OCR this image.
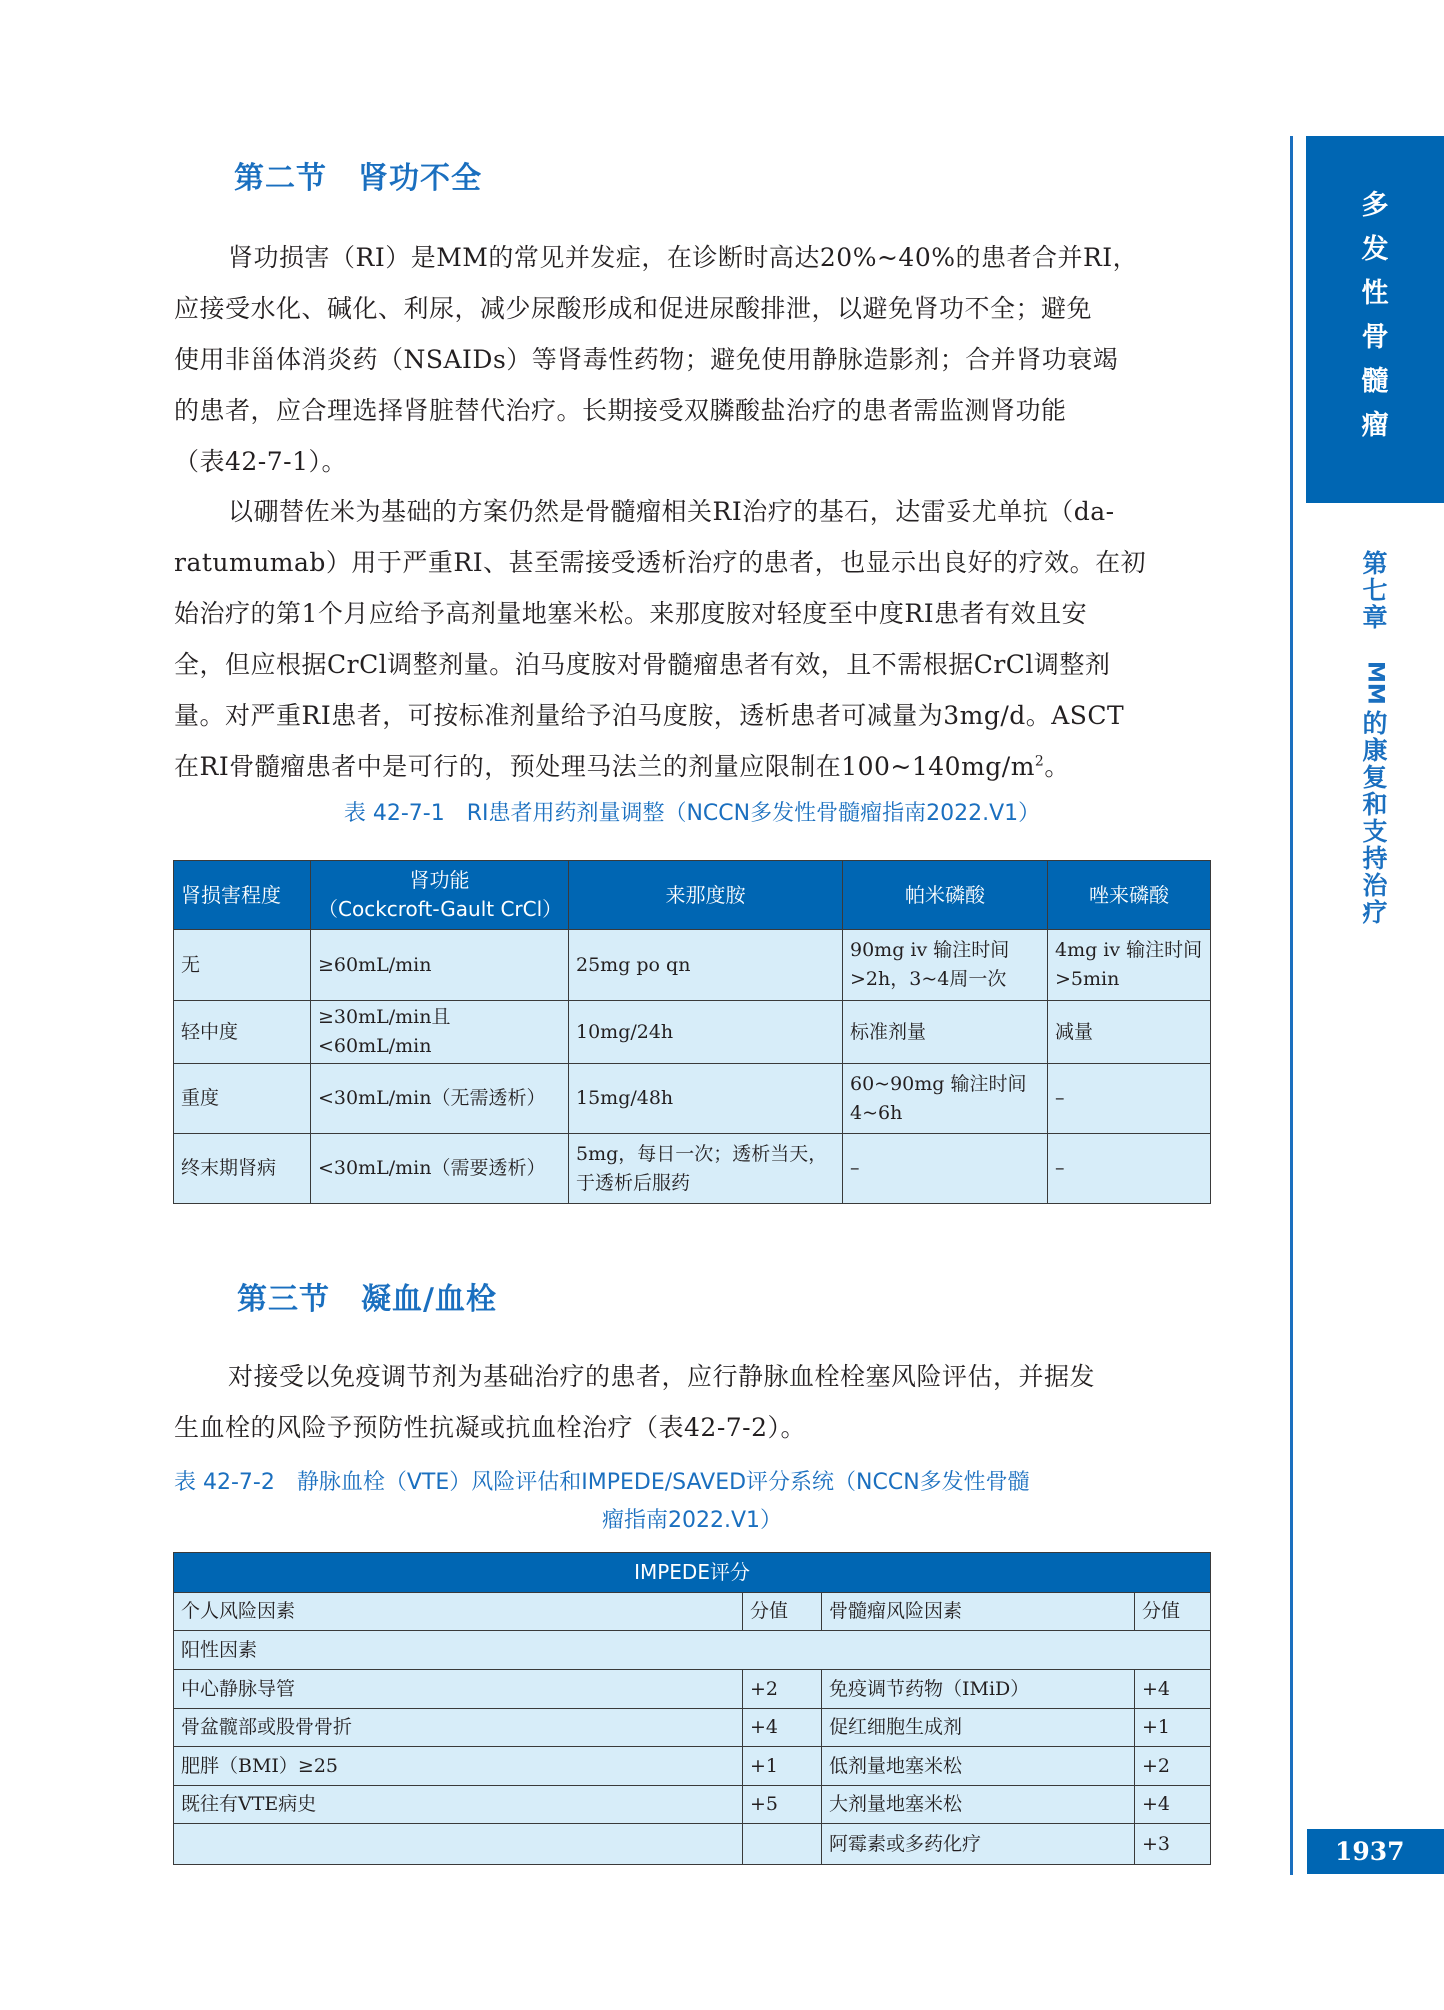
多
发
性
骨
髓
瘤
第
七
章
MM
的
康
复
和
支
持
治
疗
1937
第二节　肾功不全
肾功损害（RI）是MM的常见并发症，在诊断时高达20%~40%的患者合并RI，
应接受水化、碱化、利尿，减少尿酸形成和促进尿酸排泄，以避免肾功不全；避免
使用非甾体消炎药（NSAIDs）等肾毒性药物；避免使用静脉造影剂；合并肾功衰竭
的患者，应合理选择肾脏替代治疗。长期接受双膦酸盐治疗的患者需监测肾功能
（表42-7-1）。
以硼替佐米为基础的方案仍然是骨髓瘤相关RI治疗的基石，达雷妥尤单抗（da-
ratumumab）用于严重RI、甚至需接受透析治疗的患者，也显示出良好的疗效。在初
始治疗的第1个月应给予高剂量地塞米松。来那度胺对轻度至中度RI患者有效且安
全，但应根据CrCl调整剂量。泊马度胺对骨髓瘤患者有效，且不需根据CrCl调整剂
量。对严重RI患者，可按标准剂量给予泊马度胺，透析患者可减量为3mg/d。ASCT
在RI骨髓瘤患者中是可行的，预处理马法兰的剂量应限制在$100\sim 140mg/m^2$。
表 42-7-1　RI患者用药剂量调整（NCCN多发性骨髓瘤指南2022.V1）
肾损害程度	肾功能
（Cockcroft-Gault CrCl）	来那度胺	帕米磷酸	唑来磷酸
无	≥60mL/min	25mg po qn	90mg iv 输注时间>2h，3~4周一次	4mg iv 输注时间>5min
轻中度	≥30mL/min且<60mL/min	10mg/24h	标准剂量	减量
重度	<30mL/min（无需透析）	15mg/48h	60~90mg 输注时间4~6h	–
终末期肾病	<30mL/min（需要透析）	5mg，每日一次；透析当天，于透析后服药	–	–
第三节　凝血/血栓
对接受以免疫调节剂为基础治疗的患者，应行静脉血栓栓塞风险评估，并据发
生血栓的风险予预防性抗凝或抗血栓治疗（表42-7-2）。
表 42-7-2　静脉血栓（VTE）风险评估和IMPEDE/SAVED评分系统（NCCN多发性骨髓
瘤指南2022.V1）
IMPEDE评分			
个人风险因素	分值	骨髓瘤风险因素	分值
阳性因素			
中心静脉导管	+2	免疫调节药物（IMiD）	+4
骨盆髋部或股骨骨折	+4	促红细胞生成剂	+1
肥胖（BMI）≥25	+1	低剂量地塞米松	+2
既往有VTE病史	+5	大剂量地塞米松	+4
		阿霉素或多药化疗	+3
